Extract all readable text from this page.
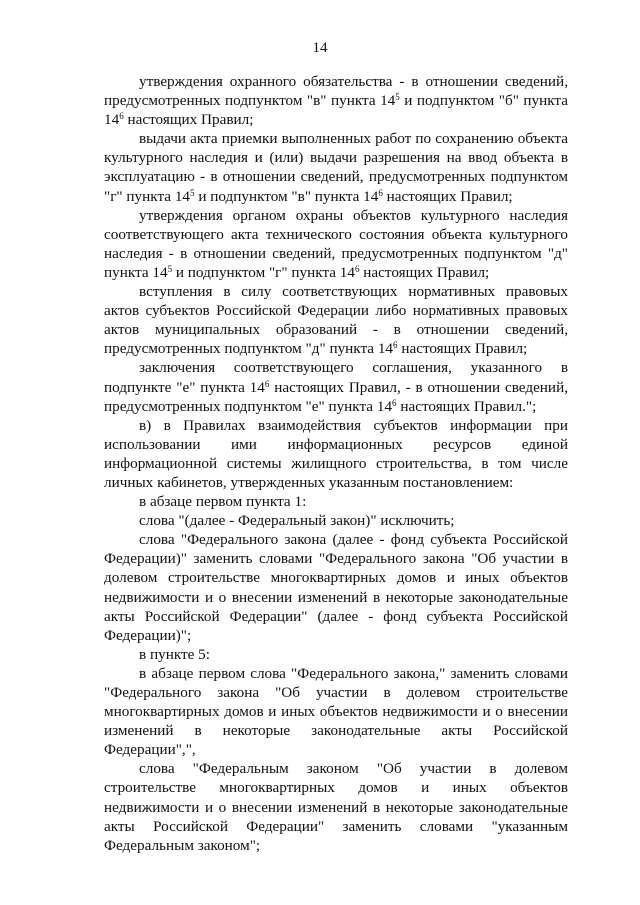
14

утверждения охранного обязательства - в отношении сведений, предусмотренных подпунктом "в" пункта $14^5$ и подпунктом "б" пункта $14^6$ настоящих Правил;

выдачи акта приемки выполненных работ по сохранению объекта культурного наследия и (или) выдачи разрешения на ввод объекта в эксплуатацию - в отношении сведений, предусмотренных подпунктом "г" пункта $14^5$ и подпунктом "в" пункта $14^6$ настоящих Правил;

утверждения органом охраны объектов культурного наследия соответствующего акта технического состояния объекта культурного наследия - в отношении сведений, предусмотренных подпунктом "д" пункта $14^5$ и подпунктом "г" пункта $14^6$ настоящих Правил;

вступления в силу соответствующих нормативных правовых актов субъектов Российской Федерации либо нормативных правовых актов муниципальных образований - в отношении сведений, предусмотренных подпунктом "д" пункта $14^6$ настоящих Правил;

заключения соответствующего соглашения, указанного в подпункте "е" пункта $14^6$ настоящих Правил, - в отношении сведений, предусмотренных подпунктом "е" пункта $14^6$ настоящих Правил.";

в) в Правилах взаимодействия субъектов информации при использовании ими информационных ресурсов единой информационной системы жилищного строительства, в том числе личных кабинетов, утвержденных указанным постановлением:

в абзаце первом пункта 1:

слова "(далее - Федеральный закон)" исключить;

слова "Федерального закона (далее - фонд субъекта Российской Федерации)" заменить словами "Федерального закона "Об участии в долевом строительстве многоквартирных домов и иных объектов недвижимости и о внесении изменений в некоторые законодательные акты Российской Федерации" (далее - фонд субъекта Российской Федерации)";

в пункте 5:

в абзаце первом слова "Федерального закона," заменить словами "Федерального закона "Об участии в долевом строительстве многоквартирных домов и иных объектов недвижимости и о внесении изменений в некоторые законодательные акты Российской Федерации",",

слова "Федеральным законом "Об участии в долевом строительстве многоквартирных домов и иных объектов недвижимости и о внесении изменений в некоторые законодательные акты Российской Федерации" заменить словами "указанным Федеральным законом";
